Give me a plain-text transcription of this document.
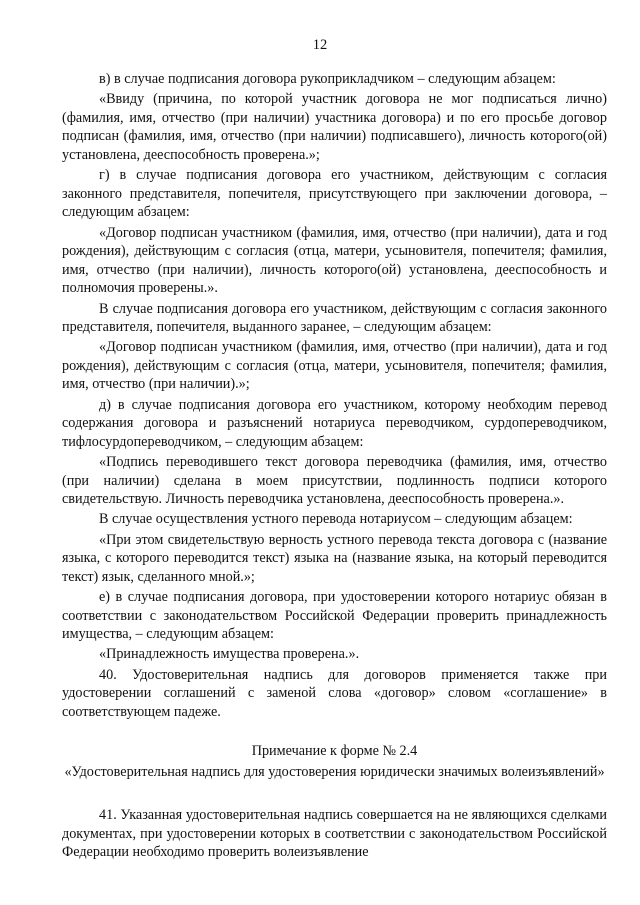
12

в) в случае подписания договора рукоприкладчиком – следующим абзацем:

«Ввиду (причина, по которой участник договора не мог подписаться лично) (фамилия, имя, отчество (при наличии) участника договора) и по его просьбе договор подписан (фамилия, имя, отчество (при наличии) подписавшего), личность которого(ой) установлена, дееспособность проверена.»;

г) в случае подписания договора его участником, действующим с согласия законного представителя, попечителя, присутствующего при заключении договора, – следующим абзацем:

«Договор подписан участником (фамилия, имя, отчество (при наличии), дата и год рождения), действующим с согласия (отца, матери, усыновителя, попечителя; фамилия, имя, отчество (при наличии), личность которого(ой) установлена, дееспособность и полномочия проверены.».

В случае подписания договора его участником, действующим с согласия законного представителя, попечителя, выданного заранее, – следующим абзацем:

«Договор подписан участником (фамилия, имя, отчество (при наличии), дата и год рождения), действующим с согласия (отца, матери, усыновителя, попечителя; фамилия, имя, отчество (при наличии).»;

д) в случае подписания договора его участником, которому необходим перевод содержания договора и разъяснений нотариуса переводчиком, сурдопереводчиком, тифлосурдопереводчиком, – следующим абзацем:

«Подпись переводившего текст договора переводчика (фамилия, имя, отчество (при наличии) сделана в моем присутствии, подлинность подписи которого свидетельствую. Личность переводчика установлена, дееспособность проверена.».

В случае осуществления устного перевода нотариусом – следующим абзацем:

«При этом свидетельствую верность устного перевода текста договора с (название языка, с которого переводится текст) языка на (название языка, на который переводится текст) язык, сделанного мной.»;

е) в случае подписания договора, при удостоверении которого нотариус обязан в соответствии с законодательством Российской Федерации проверить принадлежность имущества, – следующим абзацем:

«Принадлежность имущества проверена.».

40. Удостоверительная надпись для договоров применяется также при удостоверении соглашений с заменой слова «договор» словом «соглашение» в соответствующем падеже.

Примечание к форме № 2.4

«Удостоверительная надпись для удостоверения юридически значимых волеизъявлений»

41. Указанная удостоверительная надпись совершается на не являющихся сделками документах, при удостоверении которых в соответствии с законодательством Российской Федерации необходимо проверить волеизъявление
